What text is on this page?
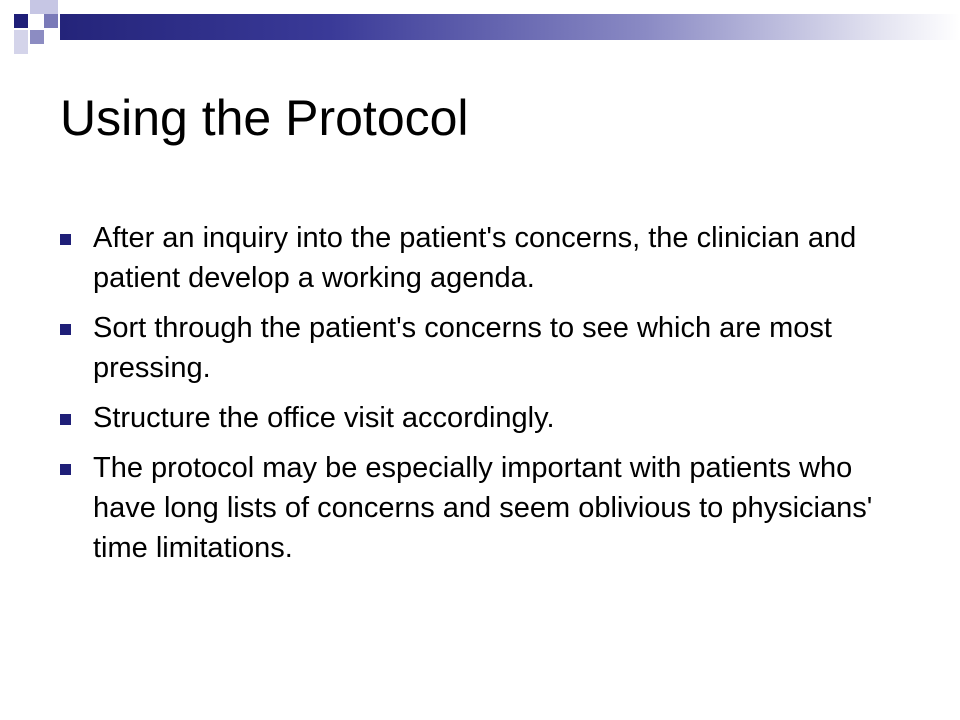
Using the Protocol
After an inquiry into the patient's concerns, the clinician and patient develop a working agenda.
Sort through the patient's concerns to see which are most pressing.
Structure the office visit accordingly.
The protocol may be especially important with patients who have long lists of concerns and seem oblivious to physicians' time limitations.
